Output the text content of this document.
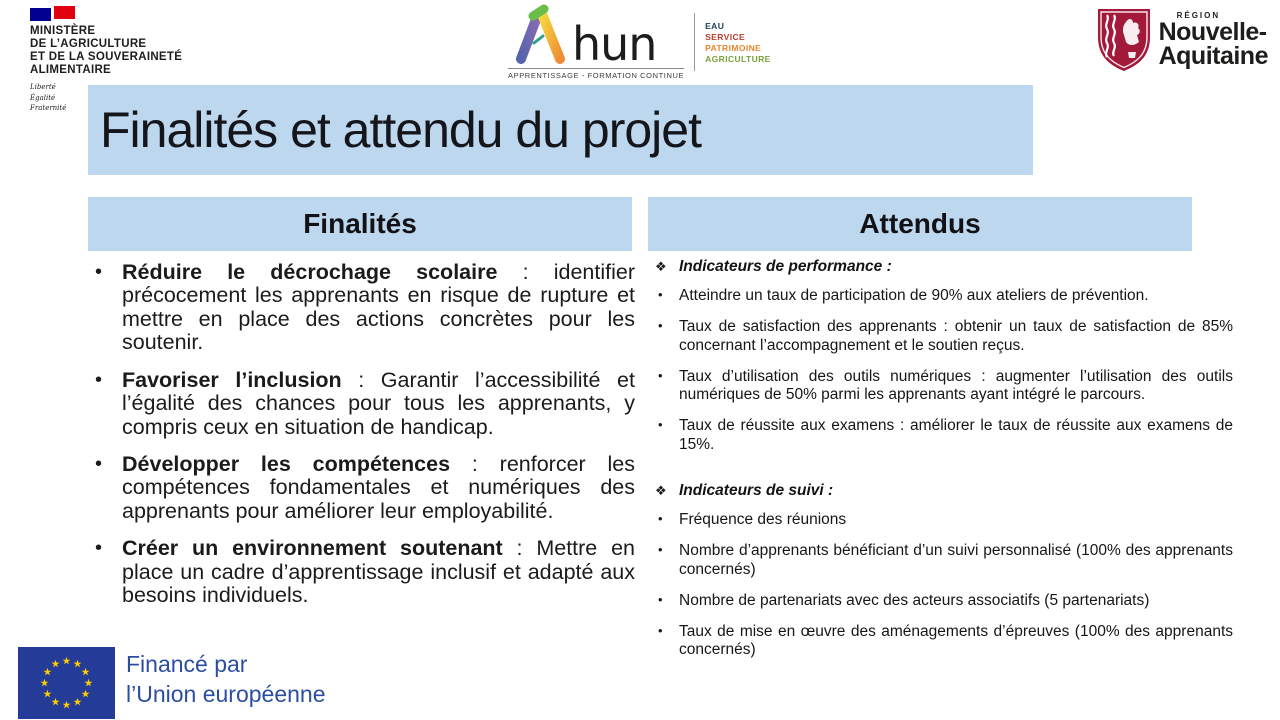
MINISTÈRE
DE L’AGRICULTURE
ET DE LA SOUVERAINETÉ
ALIMENTAIRE
Liberté
Égalité
Fraternité
hun
APPRENTISSAGE - FORMATION CONTINUE
EAU
SERVICE
PATRIMOINE
AGRICULTURE
RÉGION
Nouvelle-
Aquitaine
Finalités et attendu du projet
Finalités	Attendus
• Réduire le décrochage scolaire : identifier précocement les apprenants en risque de rupture et mettre en place des actions concrètes pour les soutenir.
• Favoriser l’inclusion : Garantir l’accessibilité et l’égalité des chances pour tous les apprenants, y compris ceux en situation de handicap.
• Développer les compétences : renforcer les compétences fondamentales et numériques des apprenants pour améliorer leur employabilité.
• Créer un environnement soutenant : Mettre en place un cadre d’apprentissage inclusif et adapté aux besoins individuels.
❖ Indicateurs de performance :
•	Atteindre un taux de participation de 90% aux ateliers de prévention.
•	Taux de satisfaction des apprenants : obtenir un taux de satisfaction de 85% concernant l’accompagnement et le soutien reçus.
•	Taux d’utilisation des outils numériques : augmenter l’utilisation des outils numériques de 50% parmi les apprenants ayant intégré le parcours.
•	Taux de réussite aux examens : améliorer le taux de réussite aux examens de 15%.
❖ Indicateurs de suivi :
•	Fréquence des réunions
•	Nombre d’apprenants bénéficiant d’un suivi personnalisé (100% des apprenants concernés)
•	Nombre de partenariats avec des acteurs associatifs (5 partenariats)
•	Taux de mise en œuvre des aménagements d’épreuves (100% des apprenants concernés)
Financé par
l’Union européenne
